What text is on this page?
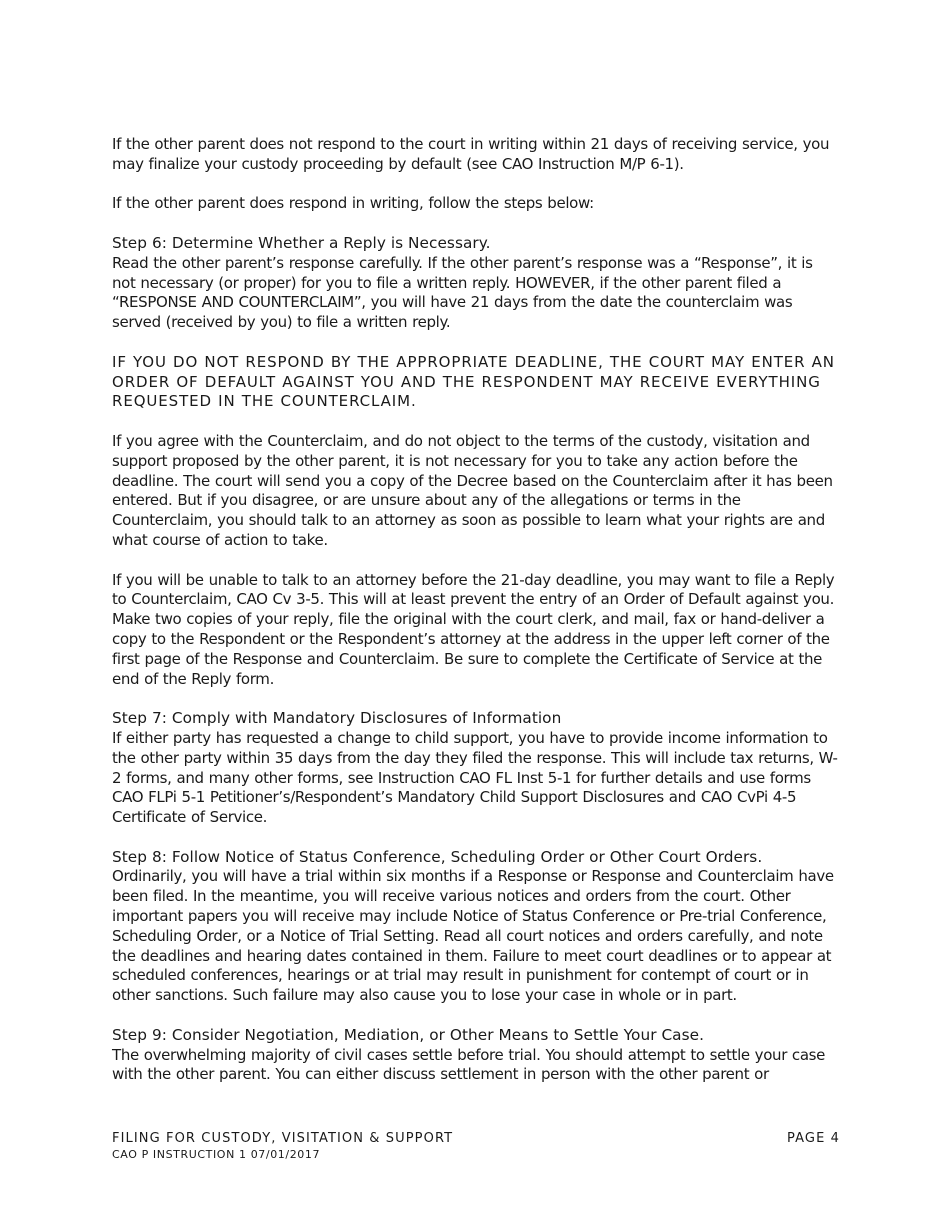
If the other parent does not respond to the court in writing within 21 days of receiving service, you may finalize your custody proceeding by default (see CAO Instruction M/P 6-1).

If the other parent does respond in writing, follow the steps below:

Step 6: Determine Whether a Reply is Necessary.

Read the other parent’s response carefully. If the other parent’s response was a “Response”, it is not necessary (or proper) for you to file a written reply. HOWEVER, if the other parent filed a “RESPONSE AND COUNTERCLAIM”, you will have 21 days from the date the counterclaim was served (received by you) to file a written reply.

IF YOU DO NOT RESPOND BY THE APPROPRIATE DEADLINE, THE COURT MAY ENTER AN ORDER OF DEFAULT AGAINST YOU AND THE RESPONDENT MAY RECEIVE EVERYTHING REQUESTED IN THE COUNTERCLAIM.

If you agree with the Counterclaim, and do not object to the terms of the custody, visitation and support proposed by the other parent, it is not necessary for you to take any action before the deadline. The court will send you a copy of the Decree based on the Counterclaim after it has been entered. But if you disagree, or are unsure about any of the allegations or terms in the Counterclaim, you should talk to an attorney as soon as possible to learn what your rights are and what course of action to take.

If you will be unable to talk to an attorney before the 21-day deadline, you may want to file a Reply to Counterclaim, CAO Cv 3-5. This will at least prevent the entry of an Order of Default against you. Make two copies of your reply, file the original with the court clerk, and mail, fax or hand-deliver a copy to the Respondent or the Respondent’s attorney at the address in the upper left corner of the first page of the Response and Counterclaim. Be sure to complete the Certificate of Service at the end of the Reply form.

Step 7: Comply with Mandatory Disclosures of Information

If either party has requested a change to child support, you have to provide income information to the other party within 35 days from the day they filed the response. This will include tax returns, W-2 forms, and many other forms, see Instruction CAO FL Inst 5-1 for further details and use forms CAO FLPi 5-1 Petitioner’s/Respondent’s Mandatory Child Support Disclosures and CAO CvPi 4-5 Certificate of Service.

Step 8: Follow Notice of Status Conference, Scheduling Order or Other Court Orders.

Ordinarily, you will have a trial within six months if a Response or Response and Counterclaim have been filed. In the meantime, you will receive various notices and orders from the court. Other important papers you will receive may include Notice of Status Conference or Pre-trial Conference, Scheduling Order, or a Notice of Trial Setting. Read all court notices and orders carefully, and note the deadlines and hearing dates contained in them. Failure to meet court deadlines or to appear at scheduled conferences, hearings or at trial may result in punishment for contempt of court or in other sanctions. Such failure may also cause you to lose your case in whole or in part.

Step 9: Consider Negotiation, Mediation, or Other Means to Settle Your Case.

The overwhelming majority of civil cases settle before trial. You should attempt to settle your case with the other parent. You can either discuss settlement in person with the other parent or

FILING FOR CUSTODY, VISITATION & SUPPORT	PAGE 4
CAO P INSTRUCTION 1 07/01/2017
